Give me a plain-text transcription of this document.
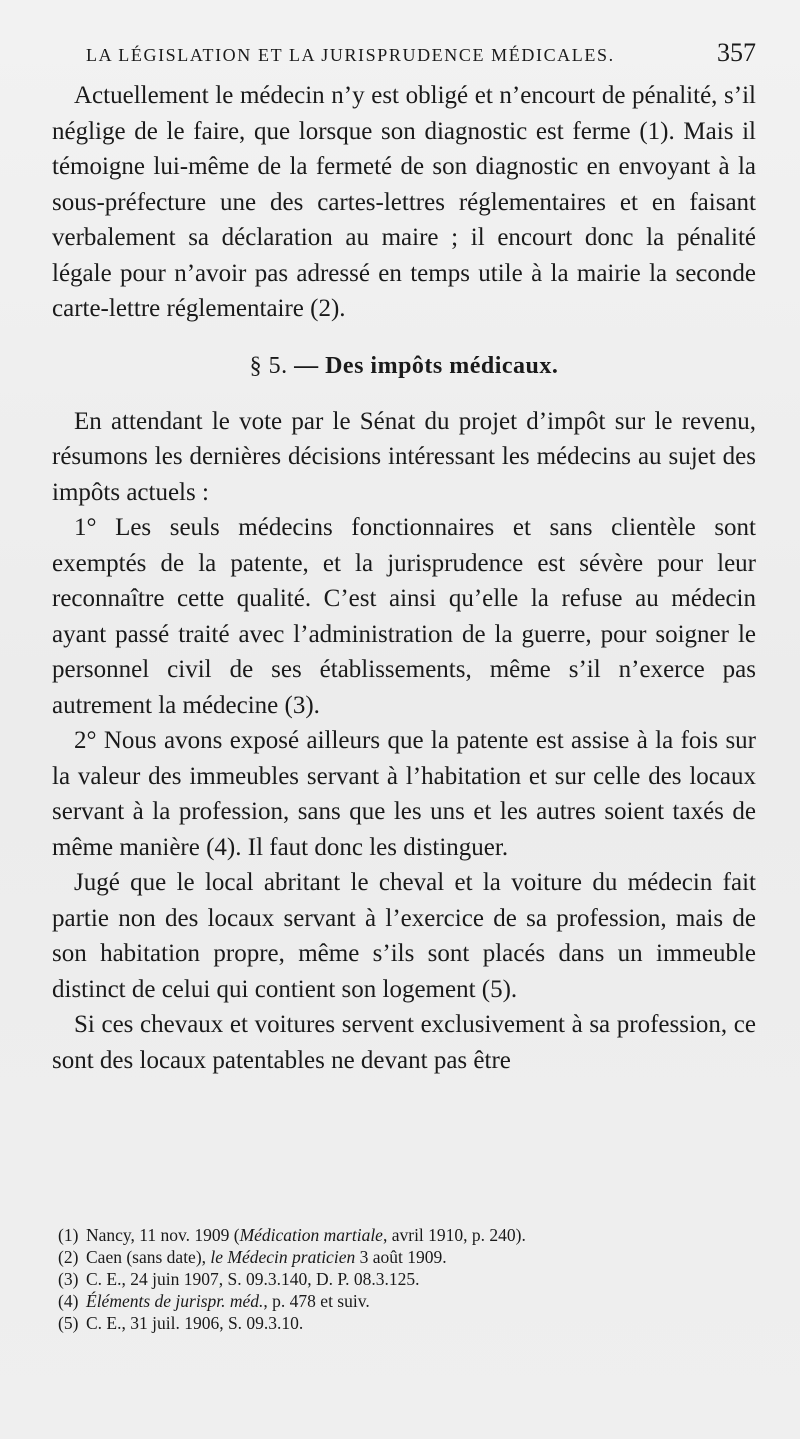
LA LÉGISLATION ET LA JURISPRUDENCE MÉDICALES.	357

Actuellement le médecin n’y est obligé et n’encourt de pénalité, s’il néglige de le faire, que lorsque son diagnostic est ferme (1). Mais il témoigne lui-même de la fermeté de son diagnostic en envoyant à la sous-préfecture une des cartes-lettres réglementaires et en faisant verbalement sa déclaration au maire ; il encourt donc la pénalité légale pour n’avoir pas adressé en temps utile à la mairie la seconde carte-lettre réglementaire (2).

§ 5. — Des impôts médicaux.

En attendant le vote par le Sénat du projet d’impôt sur le revenu, résumons les dernières décisions intéressant les médecins au sujet des impôts actuels :

1° Les seuls médecins fonctionnaires et sans clientèle sont exemptés de la patente, et la jurisprudence est sévère pour leur reconnaître cette qualité. C’est ainsi qu’elle la refuse au médecin ayant passé traité avec l’administration de la guerre, pour soigner le personnel civil de ses établissements, même s’il n’exerce pas autrement la médecine (3).

2° Nous avons exposé ailleurs que la patente est assise à la fois sur la valeur des immeubles servant à l’habitation et sur celle des locaux servant à la profession, sans que les uns et les autres soient taxés de même manière (4). Il faut donc les distinguer.

Jugé que le local abritant le cheval et la voiture du médecin fait partie non des locaux servant à l’exercice de sa profession, mais de son habitation propre, même s’ils sont placés dans un immeuble distinct de celui qui contient son logement (5).

Si ces chevaux et voitures servent exclusivement à sa profession, ce sont des locaux patentables ne devant pas être

(1) Nancy, 11 nov. 1909 (Médication martiale, avril 1910, p. 240).

(2) Caen (sans date), le Médecin praticien 3 août 1909.

(3) C. E., 24 juin 1907, S. 09.3.140, D. P. 08.3.125.

(4) Éléments de jurispr. méd., p. 478 et suiv.

(5) C. E., 31 juil. 1906, S. 09.3.10.
